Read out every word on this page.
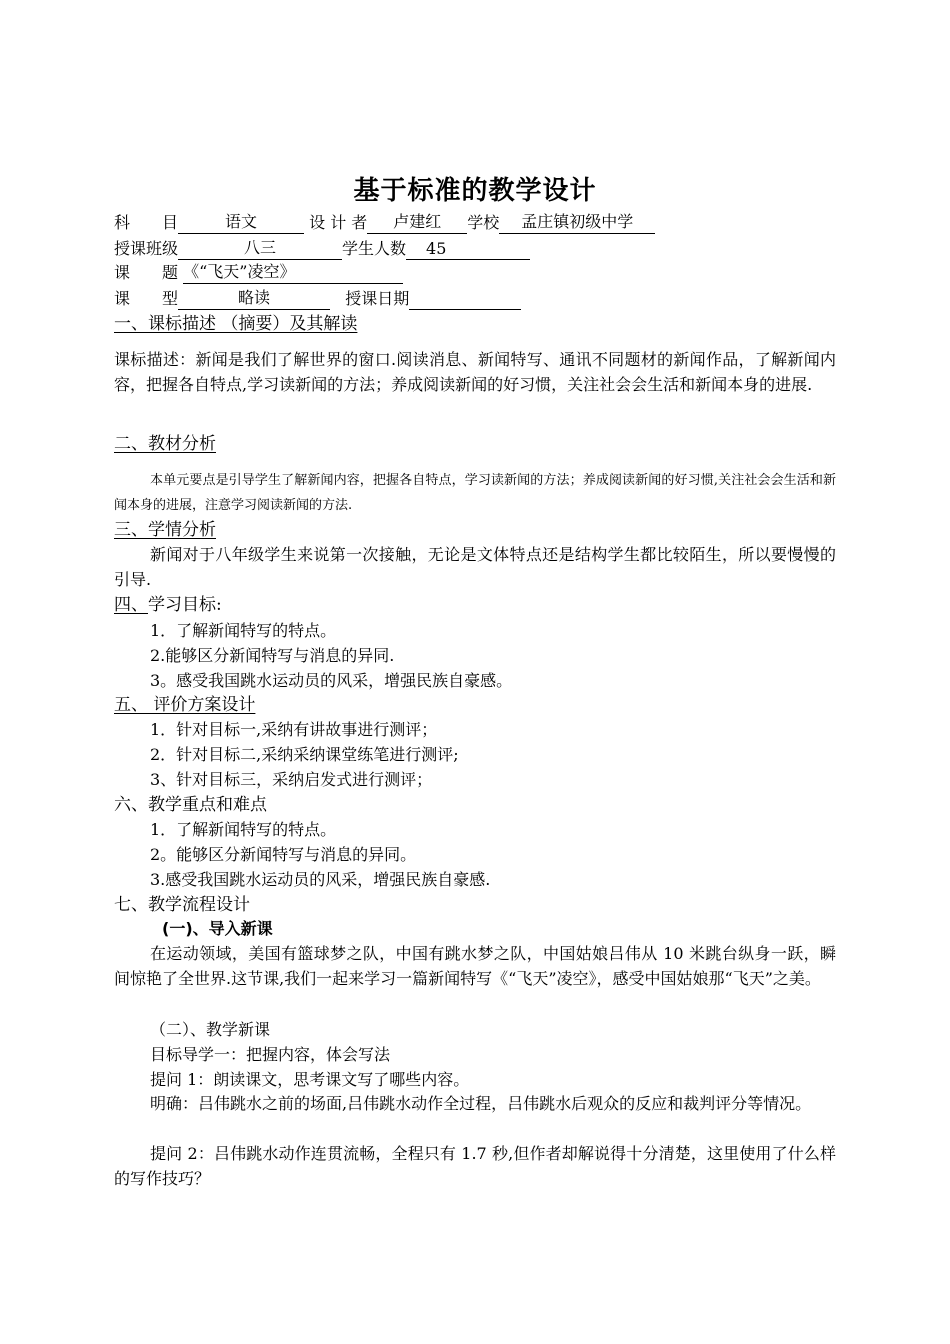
基于标准的教学设计
科　　目	语文	设 计 者 卢建红 学校 孟庄镇初级中学
授课班级	八三	学生人数 45
课　　题 《“飞天”凌空》
课　　型	略读	授课日期
一、课标描述 （摘要）及其解读
课标描述：新闻是我们了解世界的窗口.阅读消息、新闻特写、通讯不同题材的新闻作品，了解新闻内容，把握各自特点,学习读新闻的方法；养成阅读新闻的好习惯，关注社会会生活和新闻本身的进展.
二、教材分析
本单元要点是引导学生了解新闻内容，把握各自特点，学习读新闻的方法；养成阅读新闻的好习惯,关注社会会生活和新闻本身的进展，注意学习阅读新闻的方法.
三、学情分析
新闻对于八年级学生来说第一次接触，无论是文体特点还是结构学生都比较陌生，所以要慢慢的引导.
四、学习目标:
1．了解新闻特写的特点。
2.能够区分新闻特写与消息的异同.
3。感受我国跳水运动员的风采，增强民族自豪感。
五、 评价方案设计
1．针对目标一,采纳有讲故事进行测评；
2．针对目标二,采纳采纳课堂练笔进行测评;
3、针对目标三，采纳启发式进行测评；
六、教学重点和难点
1．了解新闻特写的特点。
2。能够区分新闻特写与消息的异同。
3.感受我国跳水运动员的风采，增强民族自豪感.
七、教学流程设计
(一)、导入新课
在运动领域，美国有篮球梦之队，中国有跳水梦之队，中国姑娘吕伟从 10 米跳台纵身一跃，瞬间惊艳了全世界.这节课,我们一起来学习一篇新闻特写《“飞天”凌空》，感受中国姑娘那“飞天”之美。
（二）、教学新课
目标导学一：把握内容，体会写法
提问 1：朗读课文，思考课文写了哪些内容。
明确：吕伟跳水之前的场面,吕伟跳水动作全过程，吕伟跳水后观众的反应和裁判评分等情况。
提问 2：吕伟跳水动作连贯流畅，全程只有 1.7 秒,但作者却解说得十分清楚，这里使用了什么样的写作技巧？
